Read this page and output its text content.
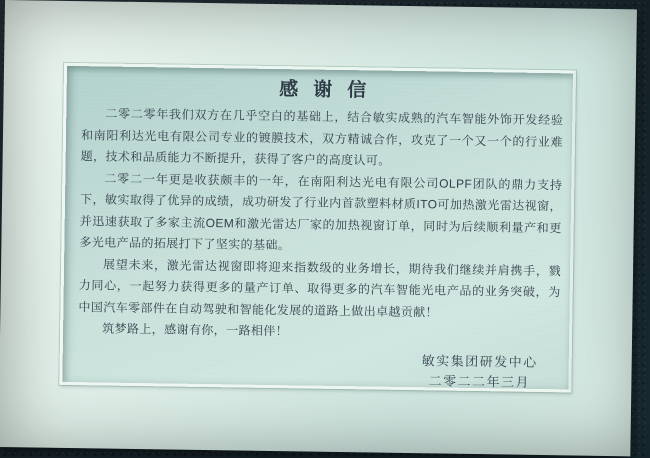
感谢信

二零二零年我们双方在几乎空白的基础上，结合敏实成熟的汽车智能外饰开发经验和南阳利达光电有限公司专业的镀膜技术，双方精诚合作，攻克了一个又一个的行业难题，技术和品质能力不断提升，获得了客户的高度认可。

二零二一年更是收获颇丰的一年，在南阳利达光电有限公司OLPF团队的鼎力支持下，敏实取得了优异的成绩，成功研发了行业内首款塑料材质ITO可加热激光雷达视窗，并迅速获取了多家主流OEM和激光雷达厂家的加热视窗订单，同时为后续顺利量产和更多光电产品的拓展打下了坚实的基础。

展望未来，激光雷达视窗即将迎来指数级的业务增长，期待我们继续并肩携手，戮力同心，一起努力获得更多的量产订单、取得更多的汽车智能光电产品的业务突破，为中国汽车零部件在自动驾驶和智能化发展的道路上做出卓越贡献！

筑梦路上，感谢有你，一路相伴！

敏实集团研发中心
二零二二年三月
